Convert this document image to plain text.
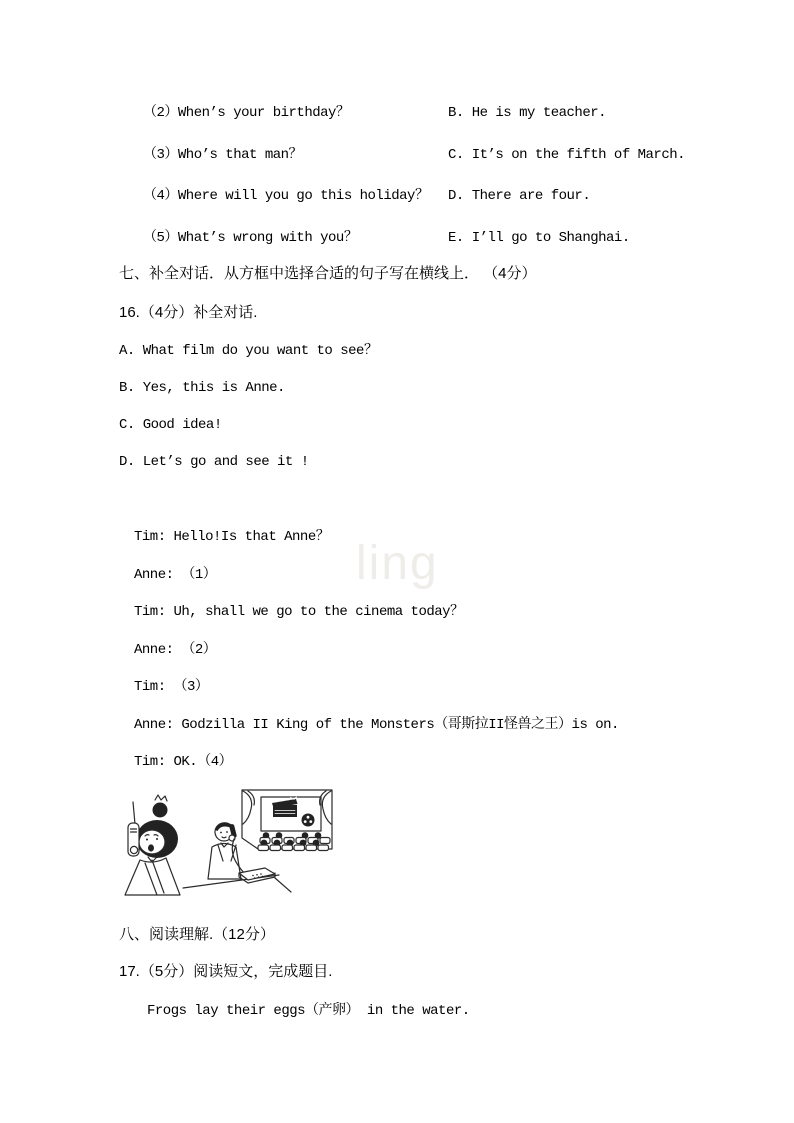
ling
（2）When’s your birthday？	B. He is my teacher.
（3）Who’s that man？	C. It’s on the fifth of March.
（4）Where will you go this holiday？ D. There are four.
（5）What’s wrong with you？	E. I’ll go to Shanghai.
七、补全对话．从方框中选择合适的句子写在横线上． （4分）
16.（4分）补全对话.
A. What film do you want to see？
B. Yes, this is Anne.
C. Good idea!
D. Let’s go and see it !
Tim: Hello!Is that Anne？
Anne: （1）
Tim: Uh, shall we go to the cinema today？
Anne: （2）
Tim: （3）
Anne: Godzilla II King of the Monsters（哥斯拉II怪兽之王）is on.
Tim: OK.（4）
八、阅读理解.（12分）
17.（5分）阅读短文，完成题目.
Frogs lay their eggs（产卵） in the water.
